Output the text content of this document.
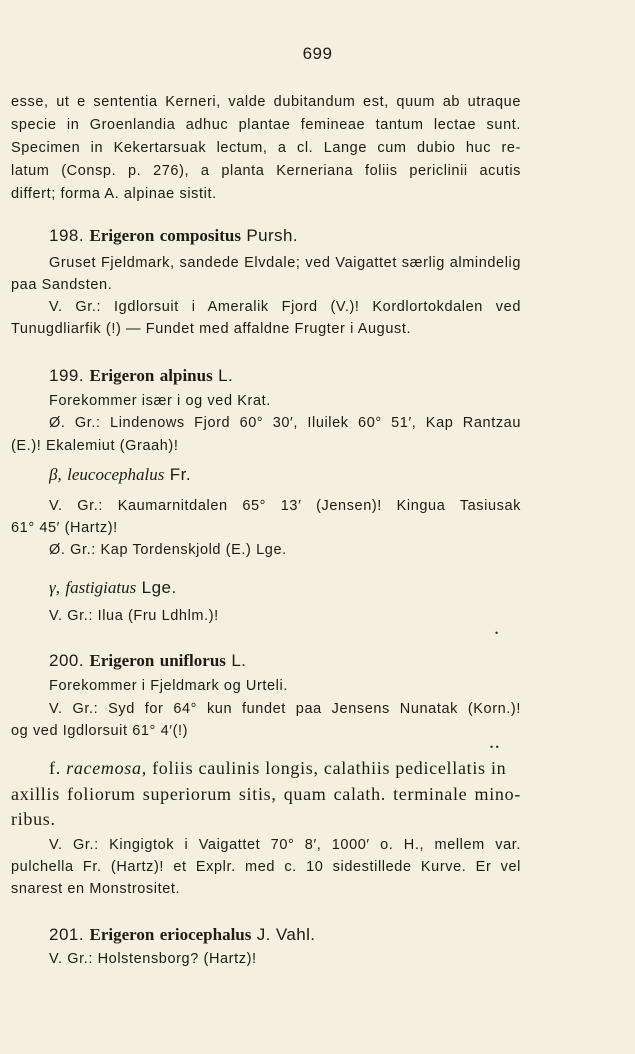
699
esse, ut e sententia Kerneri, valde dubitandum est, quum ab utraque
specie in Groenlandia adhuc plantae femineae tantum lectae sunt.
Specimen in Kekertarsuak lectum, a cl. Lange cum dubio huc re-
latum (Consp. p. 276), a planta Kerneriana foliis periclinii acutis
differt; forma A. alpinae sistit.
198. Erigeron compositus Pursh.
Gruset Fjeldmark, sandede Elvdale; ved Vaigattet særlig almindelig
paa Sandsten.
V. Gr.: Igdlorsuit i Ameralik Fjord (V.)! Kordlortokdalen ved
Tunugdliarfik (!) — Fundet med affaldne Frugter i August.
199. Erigeron alpinus L.
Forekommer især i og ved Krat.
Ø. Gr.: Lindenows Fjord 60° 30′, Iluilek 60° 51′, Kap Rantzau
(E.)! Ekalemiut (Graah)!
β, leucocephalus Fr.
V. Gr.: Kaumarnitdalen 65° 13′ (Jensen)! Kingua Tasiusak
61° 45′ (Hartz)!
Ø. Gr.: Kap Tordenskjold (E.) Lge.
γ, fastigiatus Lge.
V. Gr.: Ilua (Fru Ldhlm.)!
200. Erigeron uniflorus L.
Forekommer i Fjeldmark og Urteli.
V. Gr.: Syd for 64° kun fundet paa Jensens Nunatak (Korn.)!
og ved Igdlorsuit 61° 4′(!)
f. racemosa, foliis caulinis longis, calathiis pedicellatis in
axillis foliorum superiorum sitis, quam calath. terminale mino-
ribus.
V. Gr.: Kingigtok i Vaigattet 70° 8′, 1000′ o. H., mellem var.
pulchella Fr. (Hartz)! et Explr. med c. 10 sidestillede Kurve. Er vel
snarest en Monstrositet.
201. Erigeron eriocephalus J. Vahl.
V. Gr.: Holstensborg? (Hartz)!
•
• •
